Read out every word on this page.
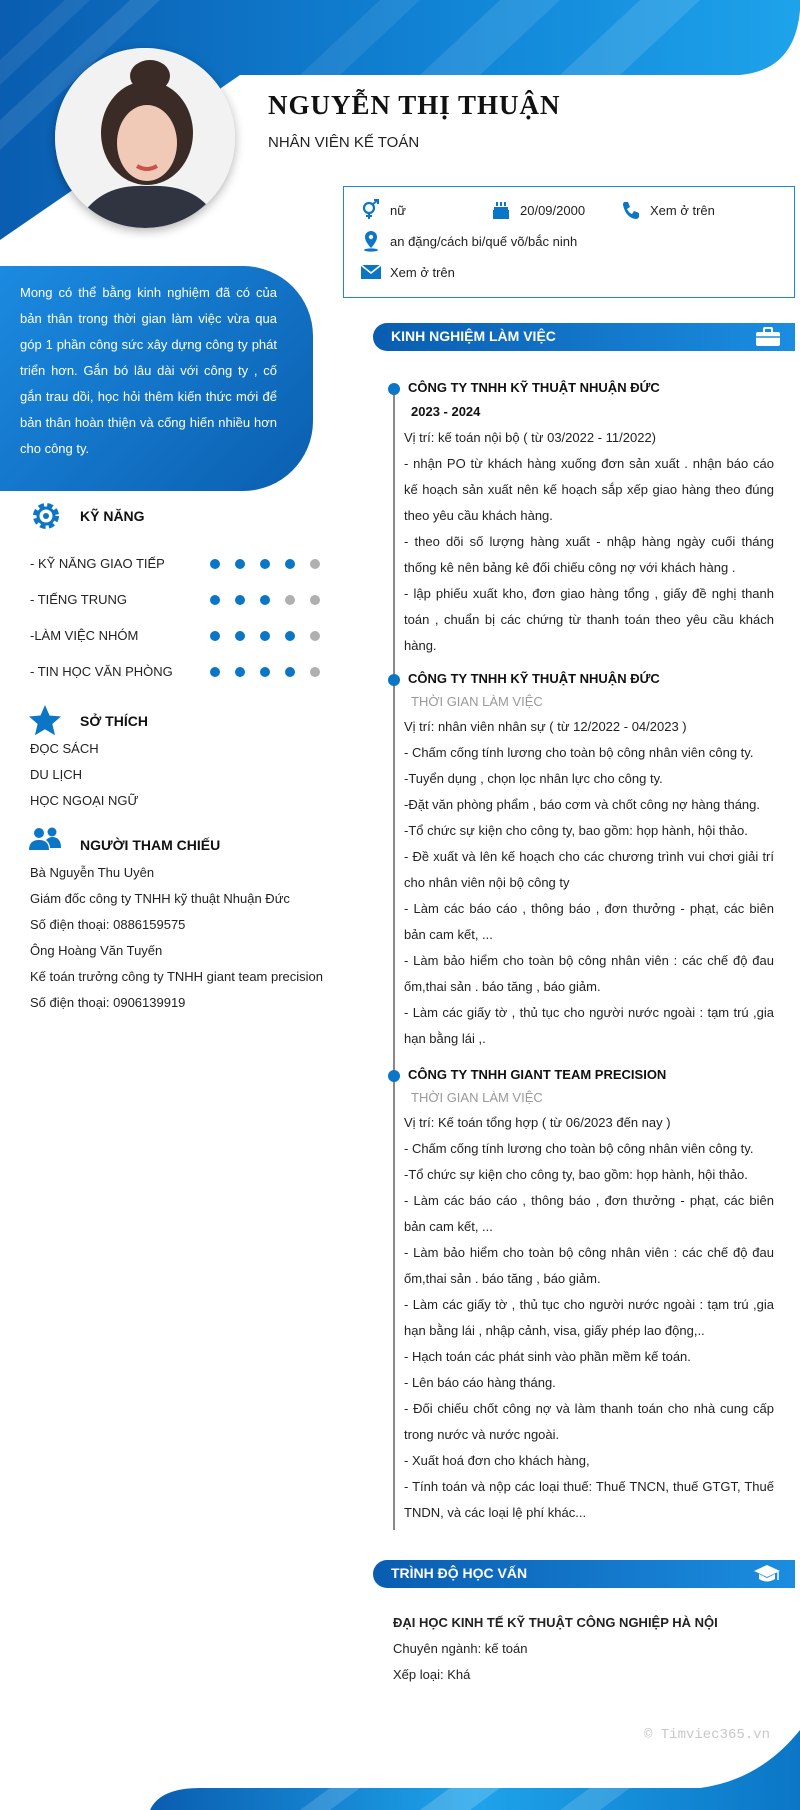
NGUYỄN THỊ THUẬN
NHÂN VIÊN KẾ TOÁN
nữ	20/09/2000	Xem ở trên
an đặng/cách bi/quế võ/bắc ninh
Xem ở trên
Mong có thể bằng kinh nghiệm đã có của bản thân trong thời gian làm việc vừa qua góp 1 phần công sức xây dựng công ty phát triển hơn. Gắn bó lâu dài với công ty , cố gắn trau dồi, học hỏi thêm kiến thức mới để bản thân hoàn thiện và cống hiến nhiều hơn cho công ty.
KỸ NĂNG
- KỸ NĂNG GIAO TIẾP
- TIẾNG TRUNG
-LÀM VIỆC NHÓM
- TIN HỌC VĂN PHÒNG
SỞ THÍCH
ĐỌC SÁCH
DU LỊCH
HỌC NGOẠI NGỮ
NGƯỜI THAM CHIẾU
Bà Nguyễn Thu Uyên
Giám đốc công ty TNHH kỹ thuật Nhuận Đức
Số điện thoại: 0886159575
Ông Hoàng Văn Tuyến
Kế toán trưởng công ty TNHH giant team precision
Số điện thoại: 0906139919
KINH NGHIỆM LÀM VIỆC
CÔNG TY TNHH KỸ THUẬT NHUẬN ĐỨC
2023 - 2024

Vị trí: kế toán nội bộ ( từ 03/2022 - 11/2022)

- nhận PO từ khách hàng xuống đơn sản xuất . nhận báo cáo kế hoạch sản xuất nên kế hoạch sắp xếp giao hàng theo đúng theo yêu cầu khách hàng.

- theo dõi số lượng hàng xuất - nhập hàng ngày cuối tháng thống kê nên bảng kê đối chiếu công nợ với khách hàng .

- lập phiếu xuất kho, đơn giao hàng tổng , giấy đề nghị thanh toán , chuẩn bị các chứng từ thanh toán theo yêu cầu khách hàng.

CÔNG TY TNHH KỸ THUẬT NHUẬN ĐỨC
THỜI GIAN LÀM VIỆC

Vị trí: nhân viên nhân sự ( từ 12/2022 - 04/2023 )

- Chấm cống tính lương cho toàn bộ công nhân viên công ty.

-Tuyển dụng , chọn lọc nhân lực cho công ty.

-Đặt văn phòng phẩm , báo cơm và chốt công nợ hàng tháng.

-Tổ chức sự kiện cho công ty, bao gồm: họp hành, hội thảo.

- Đề xuất và lên kế hoạch cho các chương trình vui chơi giải trí cho nhân viên nội bộ công ty

- Làm các báo cáo , thông báo , đơn thưởng - phạt, các biên bản cam kết, ...

- Làm bảo hiểm cho toàn bộ công nhân viên : các chế độ đau ốm,thai sản . báo tăng , báo giảm.

- Làm các giấy tờ , thủ tục cho người nước ngoài : tạm trú ,gia hạn bằng lái ,.

CÔNG TY TNHH GIANT TEAM PRECISION
THỜI GIAN LÀM VIỆC

Vị trí: Kế toán tổng hợp ( từ 06/2023 đến nay )

- Chấm cống tính lương cho toàn bộ công nhân viên công ty.

-Tổ chức sự kiện cho công ty, bao gồm: họp hành, hội thảo.

- Làm các báo cáo , thông báo , đơn thưởng - phạt, các biên bản cam kết, ...

- Làm bảo hiểm cho toàn bộ công nhân viên : các chế độ đau ốm,thai sản . báo tăng , báo giảm.

- Làm các giấy tờ , thủ tục cho người nước ngoài : tạm trú ,gia hạn bằng lái , nhập cảnh, visa, giấy phép lao động,..

- Hạch toán các phát sinh vào phần mềm kế toán.

- Lên báo cáo hàng tháng.

- Đối chiếu chốt công nợ và làm thanh toán cho nhà cung cấp trong nước và nước ngoài.

- Xuất hoá đơn cho khách hàng,

- Tính toán và nộp các loại thuế: Thuế TNCN, thuế GTGT, Thuế TNDN, và các loại lệ phí khác...

TRÌNH ĐỘ HỌC VẤN
ĐẠI HỌC KINH TẾ KỸ THUẬT CÔNG NGHIỆP HÀ NỘI
Chuyên ngành: kế toán
Xếp loại: Khá
© Timviec365.vn
